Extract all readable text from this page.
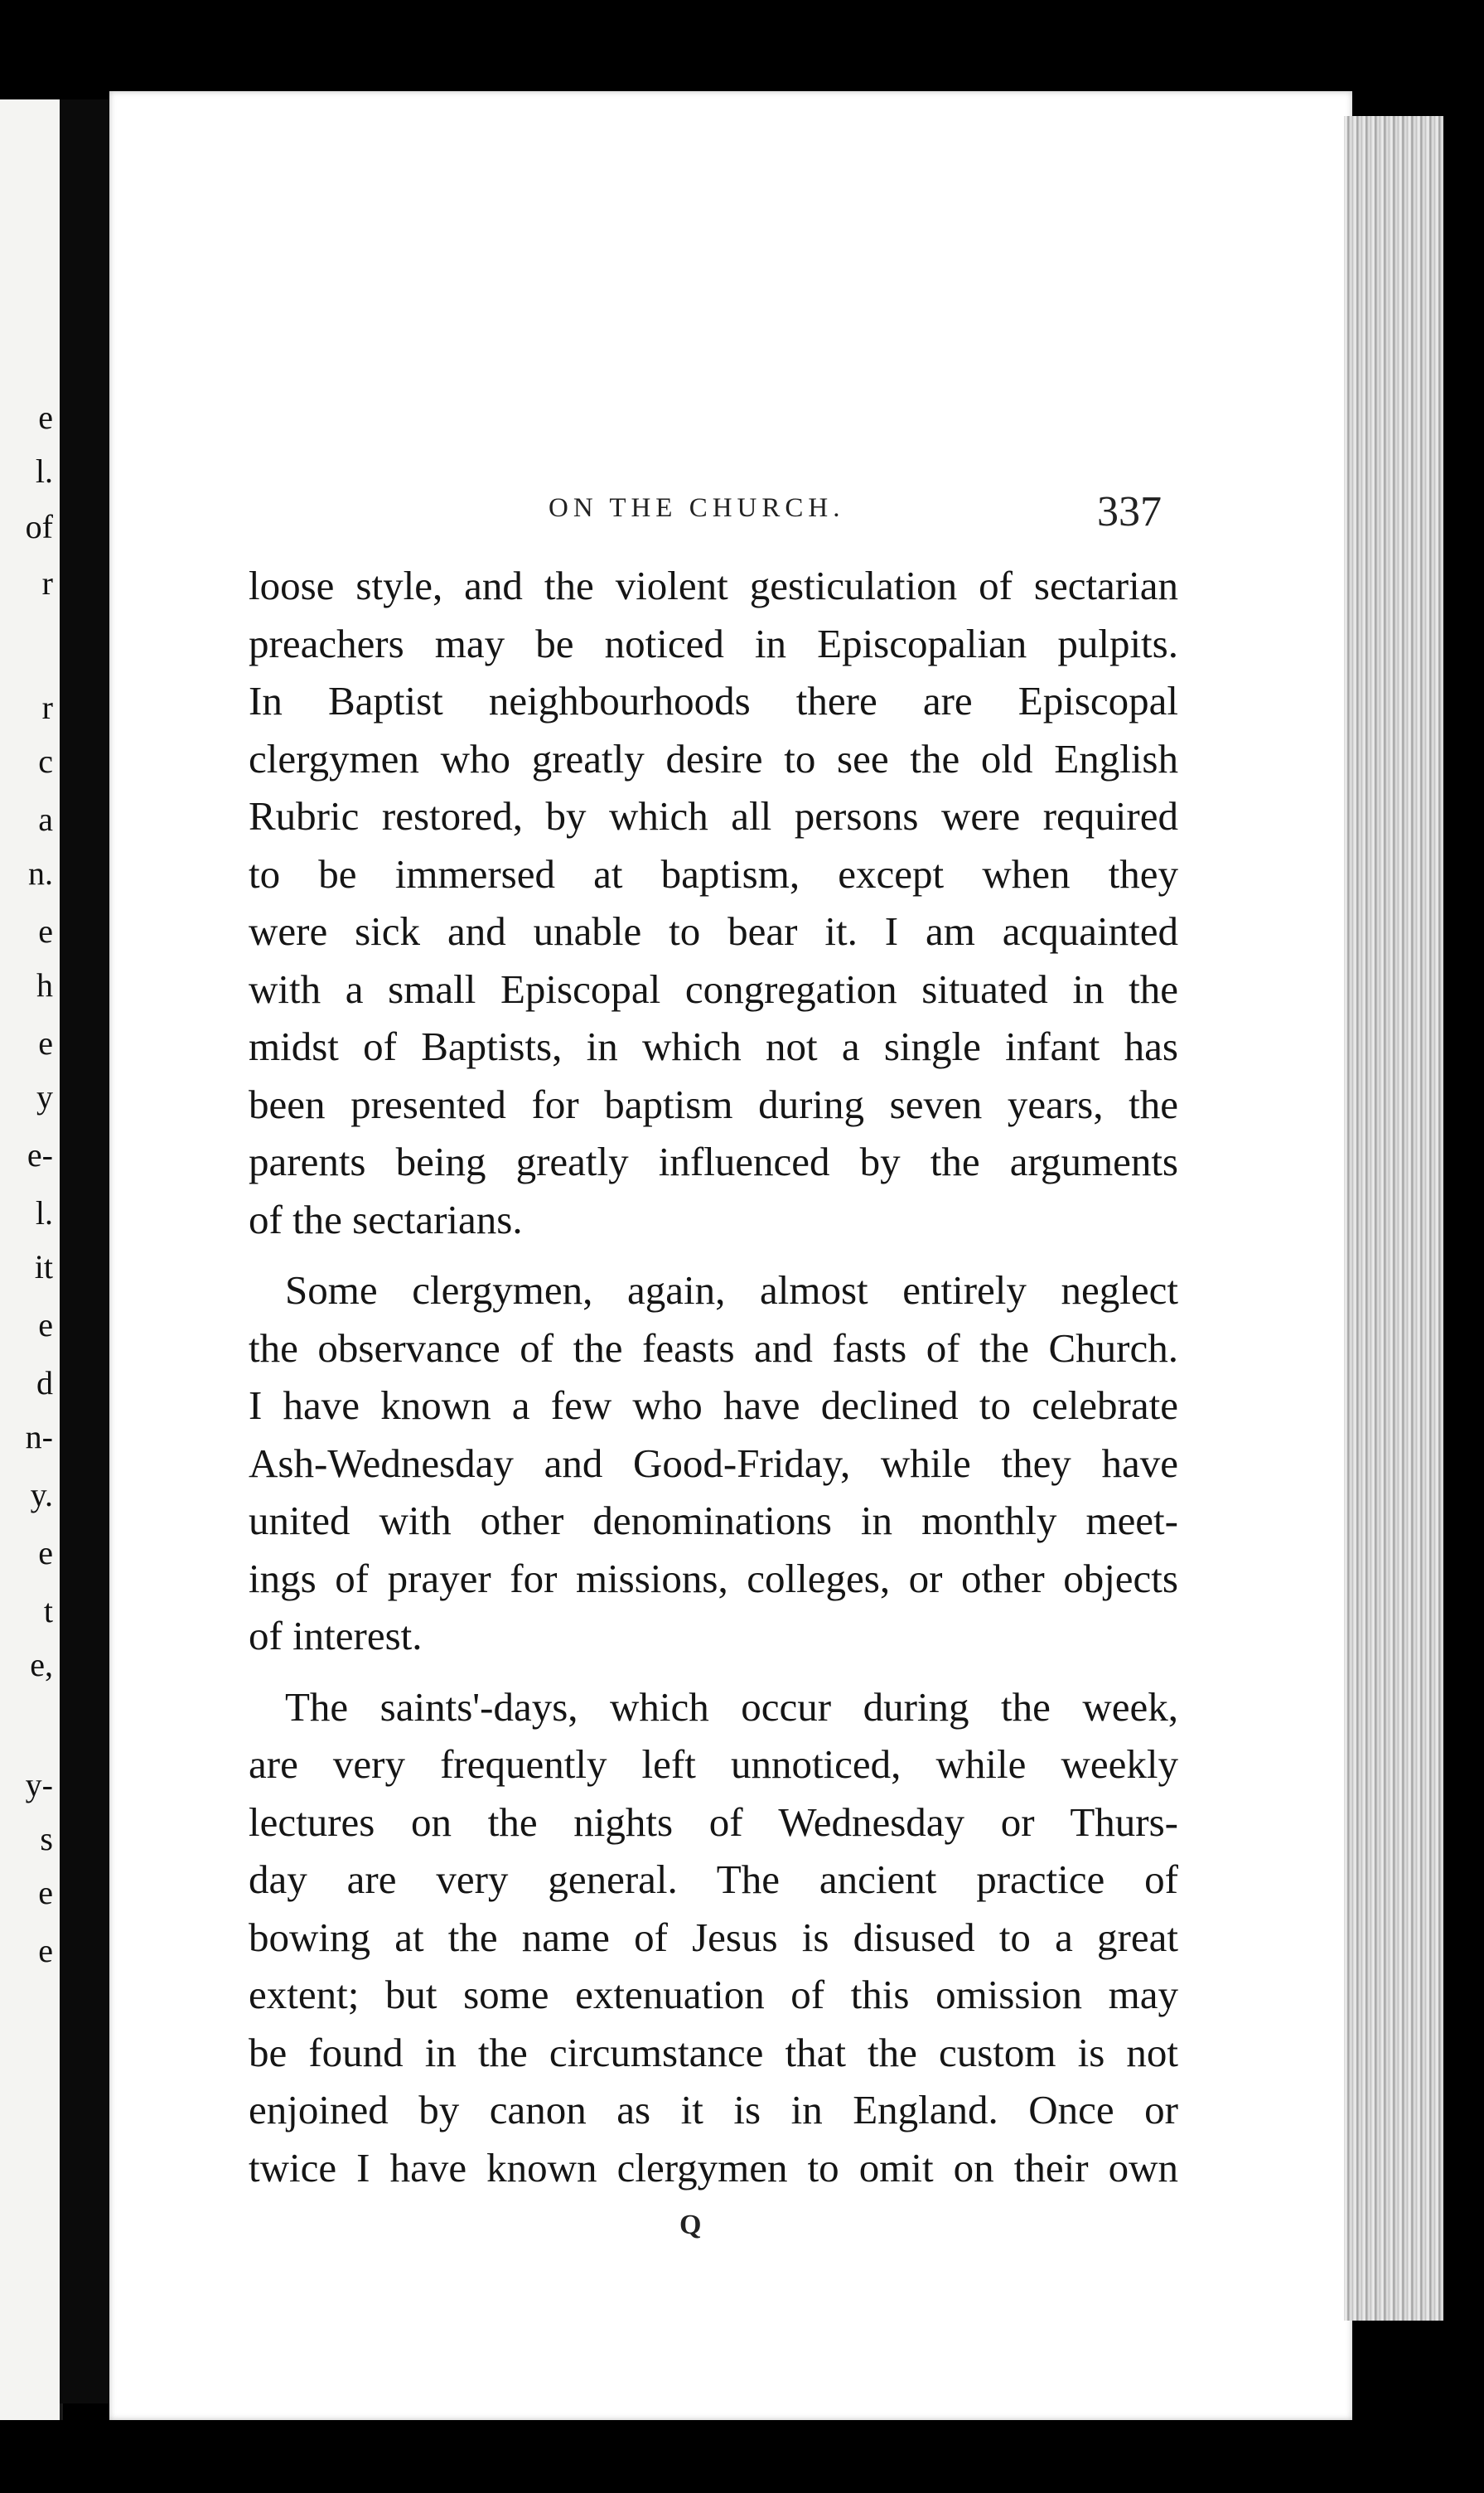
e
l.
of
r
r
c
a
n.
e
h
e
y
e-
l.
it
e
d
n-
y.
e
t
e,
y-
s
e
e
ON THE CHURCH.	337
loose style, and the violent gesticulation of sectarian
preachers may be noticed in Episcopalian pulpits.
In Baptist neighbourhoods there are Episcopal
clergymen who greatly desire to see the old English
Rubric restored, by which all persons were required
to be immersed at baptism, except when they
were sick and unable to bear it. I am acquainted
with a small Episcopal congregation situated in the
midst of Baptists, in which not a single infant has
been presented for baptism during seven years, the
parents being greatly influenced by the arguments
of the sectarians.
Some clergymen, again, almost entirely neglect
the observance of the feasts and fasts of the Church.
I have known a few who have declined to celebrate
Ash-Wednesday and Good-Friday, while they have
united with other denominations in monthly meet-
ings of prayer for missions, colleges, or other objects
of interest.
The saints'-days, which occur during the week,
are very frequently left unnoticed, while weekly
lectures on the nights of Wednesday or Thurs-
day are very general. The ancient practice of
bowing at the name of Jesus is disused to a great
extent; but some extenuation of this omission may
be found in the circumstance that the custom is not
enjoined by canon as it is in England. Once or
twice I have known clergymen to omit on their own
Q
